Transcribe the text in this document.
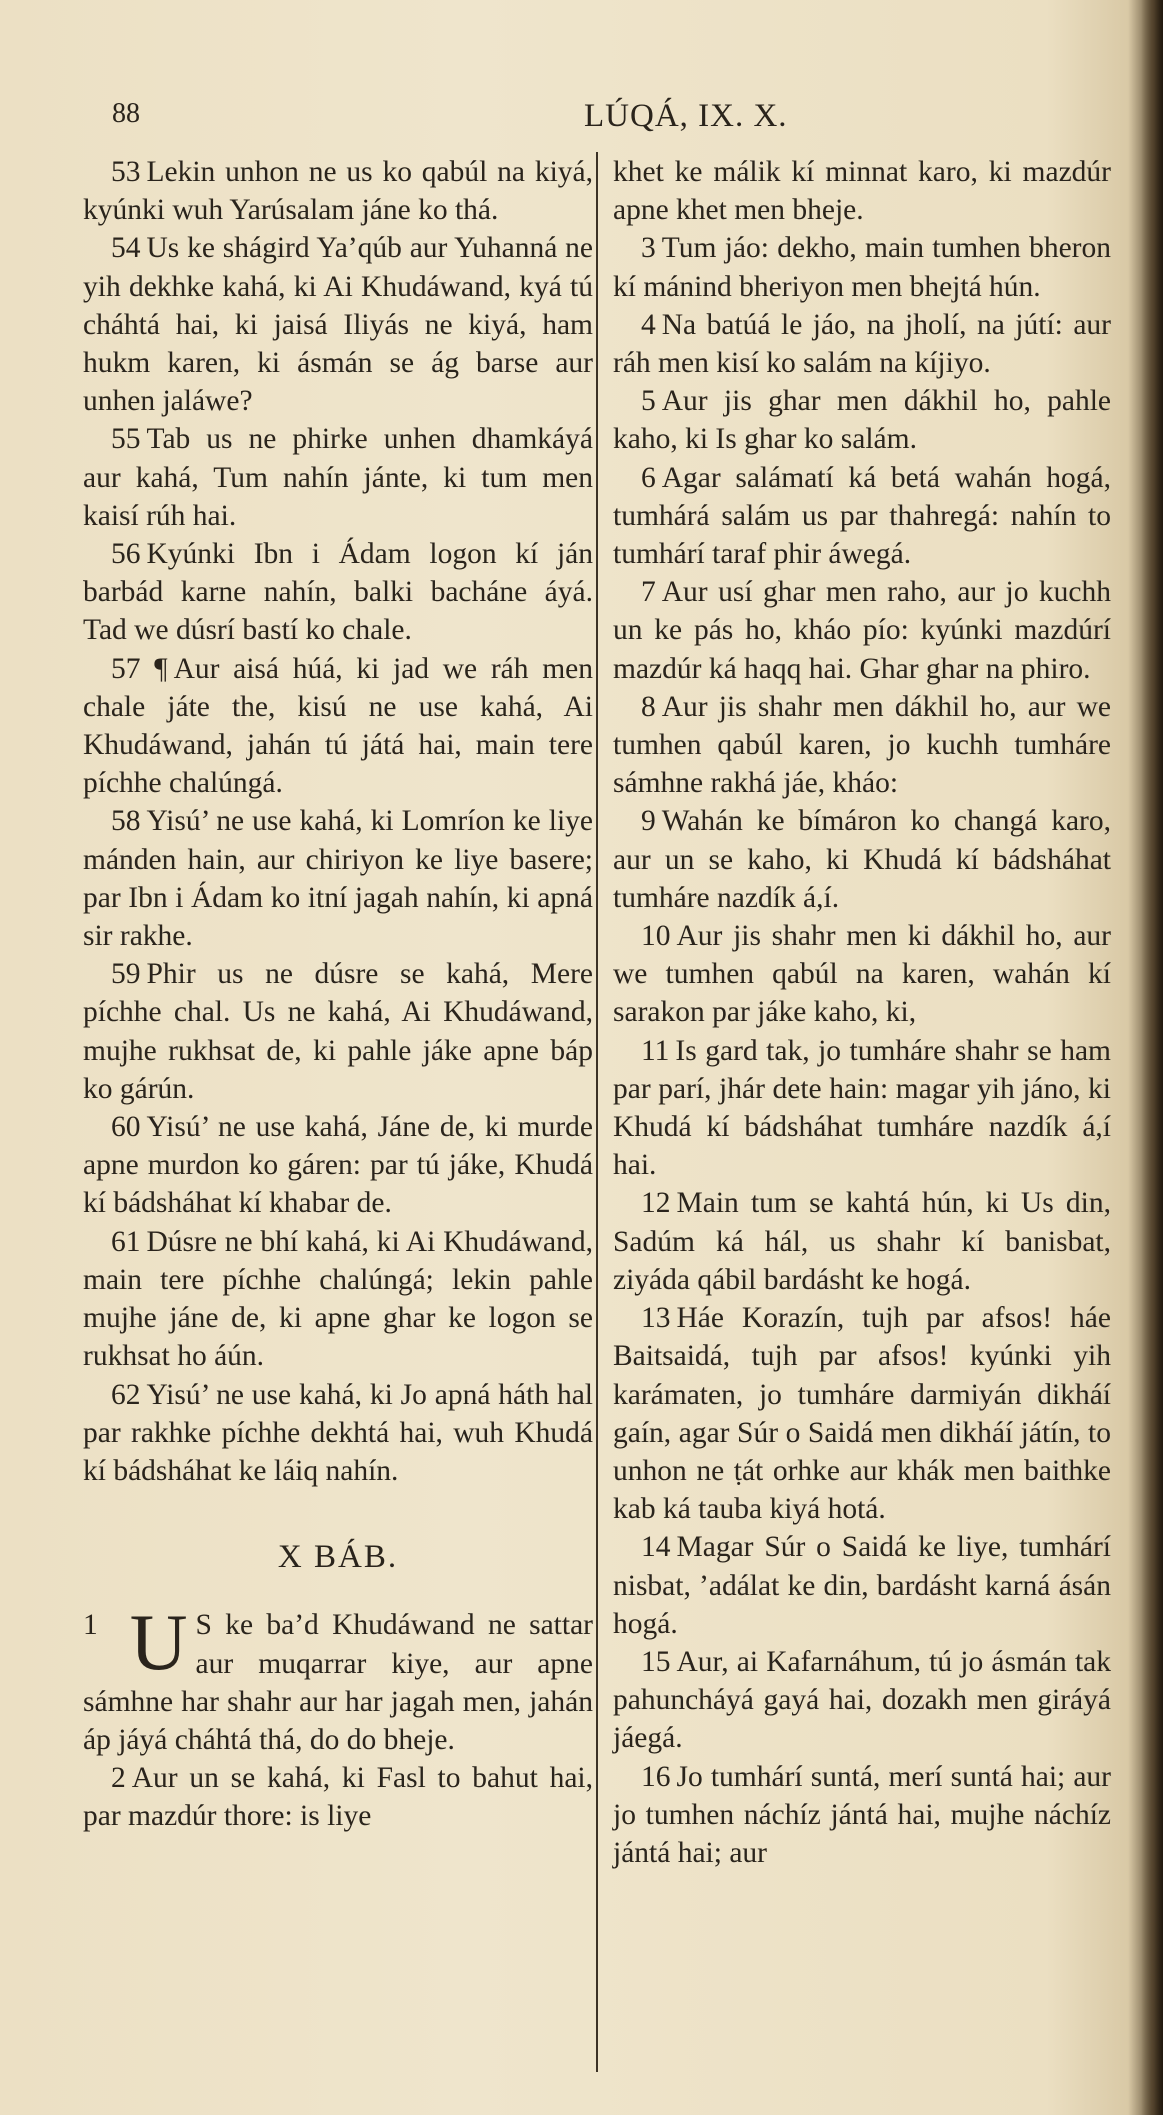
88	LÚQÁ, IX. X.

53 Lekin unhon ne us ko qabúl na kiyá, kyúnki wuh Yarúsalam jáne ko thá.

54 Us ke shágird Ya’qúb aur Yuhanná ne yih dekhke kahá, ki Ai Khudáwand, kyá tú cháhtá hai, ki jaisá Iliyás ne kiyá, ham hukm karen, ki ásmán se ág barse aur unhen jaláwe?

55 Tab us ne phirke unhen dhamkáyá aur kahá, Tum nahín jánte, ki tum men kaisí rúh hai.

56 Kyúnki Ibn i Ádam logon kí ján barbád karne nahín, balki bacháne áyá. Tad we dúsrí bastí ko chale.

57 ¶ Aur aisá húá, ki jad we ráh men chale játe the, kisú ne use kahá, Ai Khudáwand, jahán tú játá hai, main tere píchhe chalúngá.

58 Yisú’ ne use kahá, ki Lomríon ke liye mánden hain, aur chiriyon ke liye basere; par Ibn i Ádam ko itní jagah nahín, ki apná sir rakhe.

59 Phir us ne dúsre se kahá, Mere píchhe chal. Us ne kahá, Ai Khudáwand, mujhe rukhsat de, ki pahle jáke apne báp ko gárún.

60 Yisú’ ne use kahá, Jáne de, ki murde apne murdon ko gáren: par tú jáke, Khudá kí bádsháhat kí khabar de.

61 Dúsre ne bhí kahá, ki Ai Khudáwand, main tere píchhe chalúngá; lekin pahle mujhe jáne de, ki apne ghar ke logon se rukhsat ho áún.

62 Yisú’ ne use kahá, ki Jo apná háth hal par rakhke píchhe dekhtá hai, wuh Khudá kí bádsháhat ke láiq nahín.

X BÁB.

1 U S ke ba’d Khudáwand ne sattar aur muqarrar kiye, aur apne sámhne har shahr aur har jagah men, jahán áp jáyá cháhtá thá, do do bheje.

2 Aur un se kahá, ki Fasl to bahut hai, par mazdúr thore: is liye

khet ke málik kí minnat karo, ki mazdúr apne khet men bheje.

3 Tum jáo: dekho, main tumhen bheron kí mánind bheriyon men bhejtá hún.

4 Na batúá le jáo, na jholí, na jútí: aur ráh men kisí ko salám na kíjiyo.

5 Aur jis ghar men dákhil ho, pahle kaho, ki Is ghar ko salám.

6 Agar salámatí ká betá wahán hogá, tumhárá salám us par thahregá: nahín to tumhárí taraf phir áwegá.

7 Aur usí ghar men raho, aur jo kuchh un ke pás ho, kháo pío: kyúnki mazdúrí mazdúr ká haqq hai. Ghar ghar na phiro.

8 Aur jis shahr men dákhil ho, aur we tumhen qabúl karen, jo kuchh tumháre sámhne rakhá jáe, kháo:

9 Wahán ke bímáron ko changá karo, aur un se kaho, ki Khudá kí bádsháhat tumháre nazdík á,í.

10 Aur jis shahr men ki dákhil ho, aur we tumhen qabúl na karen, wahán kí sarakon par jáke kaho, ki,

11 Is gard tak, jo tumháre shahr se ham par parí, jhár dete hain: magar yih jáno, ki Khudá kí bádsháhat tumháre nazdík á,í hai.

12 Main tum se kahtá hún, ki Us din, Sadúm ká hál, us shahr kí banisbat, ziyáda qábil bardásht ke hogá.

13 Háe Korazín, tujh par afsos! háe Baitsaidá, tujh par afsos! kyúnki yih karámaten, jo tumháre darmiyán dikháí gaín, agar Súr o Saidá men dikháí játín, to unhon ne ṭát orhke aur khák men baithke kab ká tauba kiyá hotá.

14 Magar Súr o Saidá ke liye, tumhárí nisbat, ’adálat ke din, bardásht karná ásán hogá.

15 Aur, ai Kafarnáhum, tú jo ásmán tak pahuncháyá gayá hai, dozakh men giráyá jáegá.

16 Jo tumhárí suntá, merí suntá hai; aur jo tumhen náchíz jántá hai, mujhe náchíz jántá hai; aur
